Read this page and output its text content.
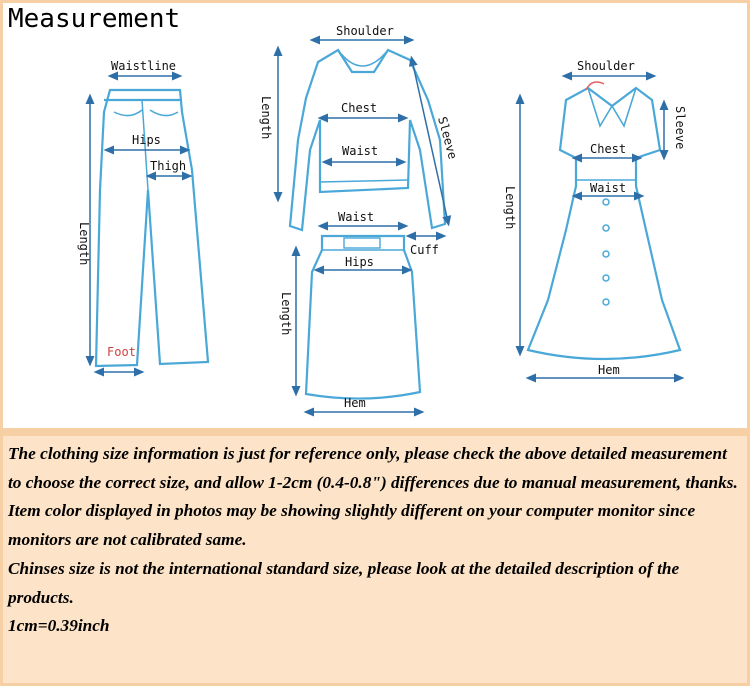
Measurement
Waistline
Hips
Thigh
Length
Foot
Shoulder
Length	Chest
Waist	Sleeve
Cuff
Waist
Hips
Length
Hem
Shoulder
Sleeve
Chest
Waist
Length
Hem

The clothing size information is just for reference only, please check the above detailed measurement to choose the correct size, and allow 1-2cm (0.4-0.8") differences due to manual measurement, thanks.

Item color displayed in photos may be showing slightly different on your computer monitor since monitors are not calibrated same.

Chinses size is not the international standard size, please look at the detailed description of the products.

1cm=0.39inch
